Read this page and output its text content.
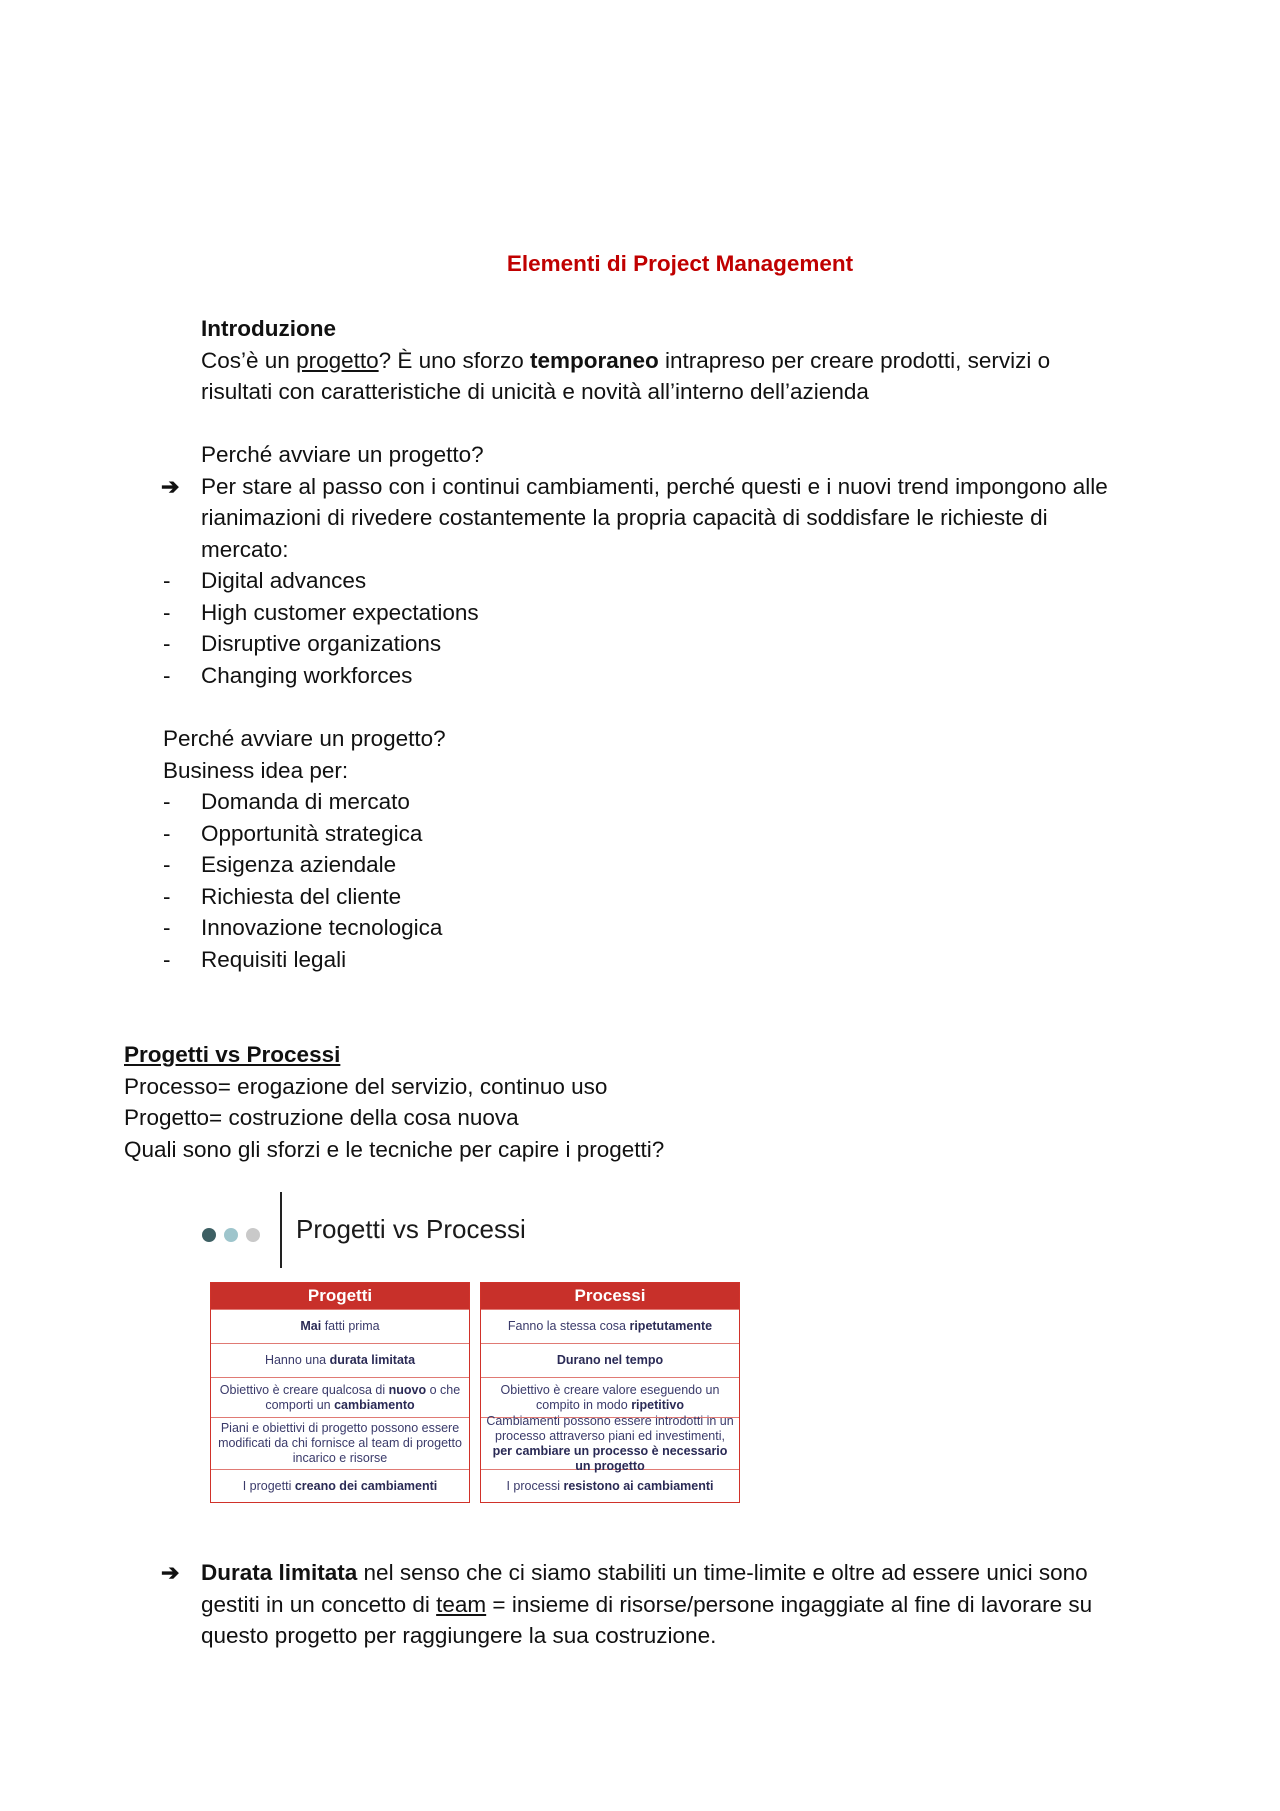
Elementi di Project Management
Introduzione
Cos’è un progetto? È uno sforzo temporaneo intrapreso per creare prodotti, servizi o
risultati con caratteristiche di unicità e novità all’interno dell’azienda
Perché avviare un progetto?
➔ Per stare al passo con i continui cambiamenti, perché questi e i nuovi trend impongono alle
rianimazioni di rivedere costantemente la propria capacità di soddisfare le richieste di
mercato:
- Digital advances
- High customer expectations
- Disruptive organizations
- Changing workforces
Perché avviare un progetto?
Business idea per:
- Domanda di mercato
- Opportunità strategica
- Esigenza aziendale
- Richiesta del cliente
- Innovazione tecnologica
- Requisiti legali
Progetti vs Processi
Processo= erogazione del servizio, continuo uso
Progetto= costruzione della cosa nuova
Quali sono gli sforzi e le tecniche per capire i progetti?
Progetti vs Processi
Progetti
Mai fatti prima
Hanno una durata limitata
Obiettivo è creare qualcosa di nuovo o che comporti un cambiamento
Piani e obiettivi di progetto possono essere modificati da chi fornisce al team di progetto incarico e risorse
I progetti creano dei cambiamenti
Processi
Fanno la stessa cosa ripetutamente
Durano nel tempo
Obiettivo è creare valore eseguendo un compito in modo ripetitivo
Cambiamenti possono essere introdotti in un processo attraverso piani ed investimenti, per cambiare un processo è necessario un progetto
I processi resistono ai cambiamenti
➔ Durata limitata nel senso che ci siamo stabiliti un time-limite e oltre ad essere unici sono
gestiti in un concetto di team = insieme di risorse/persone ingaggiate al fine di lavorare su
questo progetto per raggiungere la sua costruzione.
